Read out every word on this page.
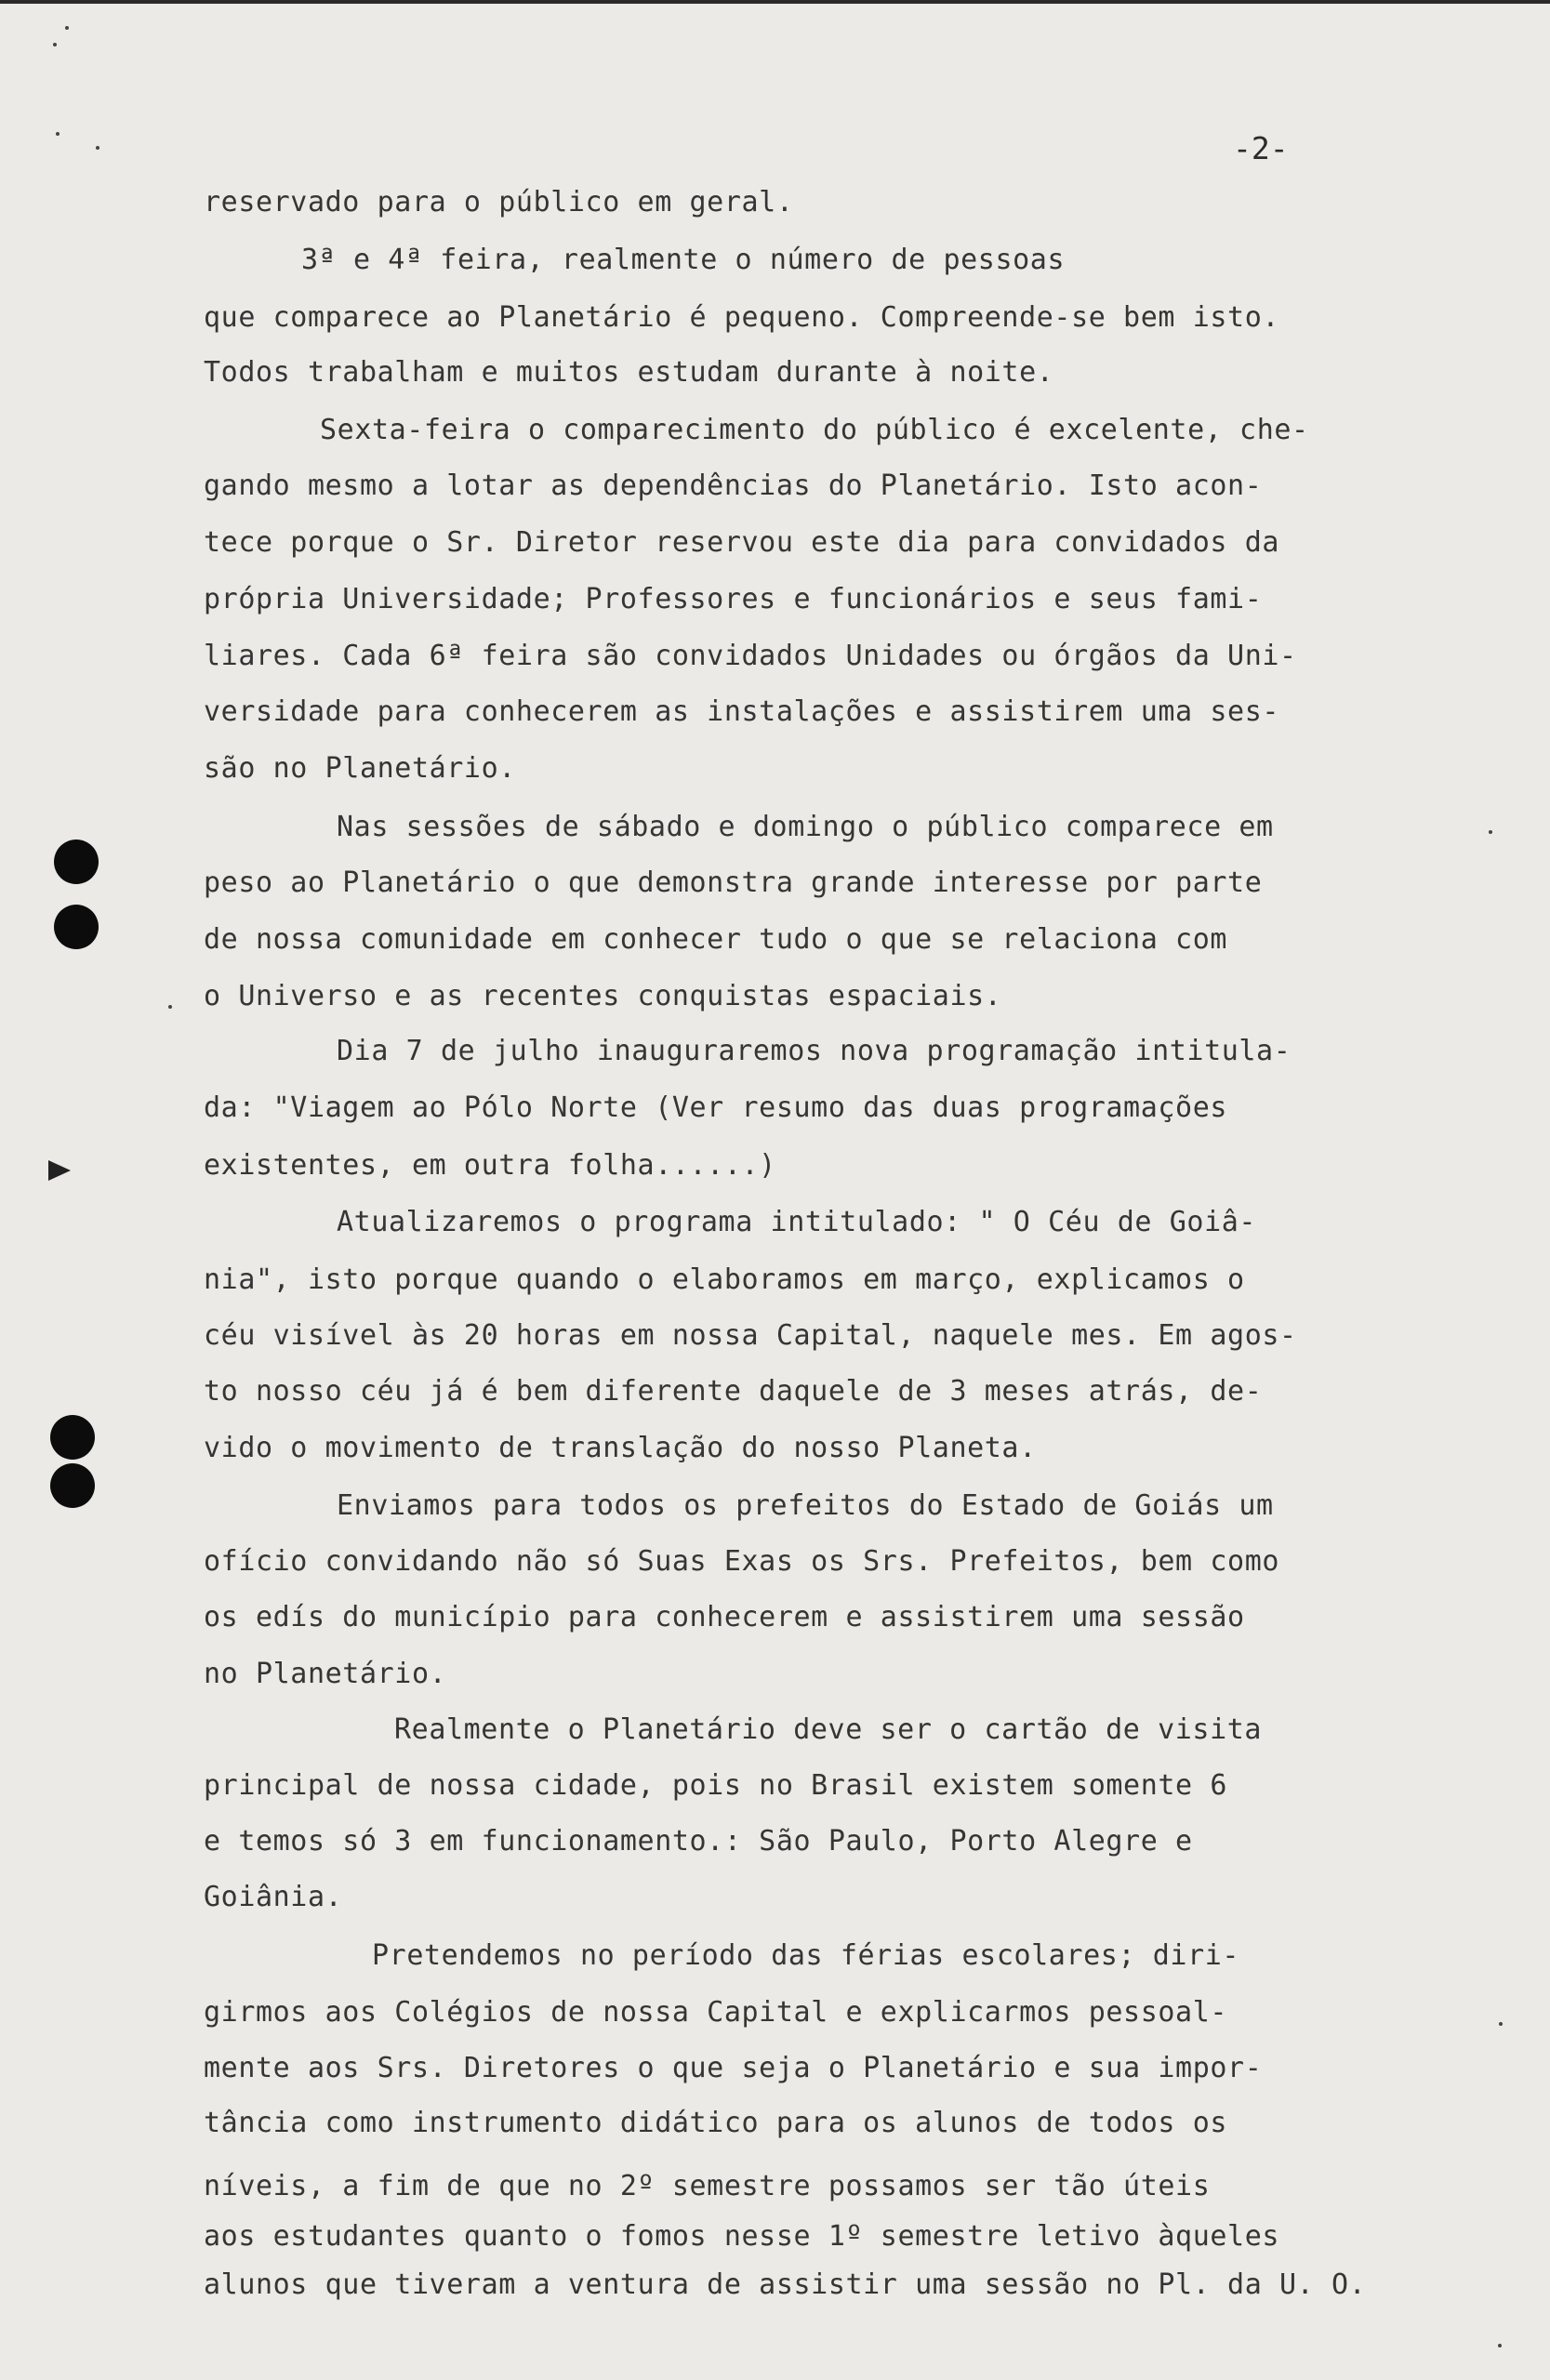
-2-
reservado para o público em geral.
3ª e 4ª feira, realmente o número de pessoas
que comparece ao Planetário é pequeno. Compreende-se bem isto.
Todos trabalham e muitos estudam durante à noite.
Sexta-feira o comparecimento do público é excelente, che-
gando mesmo a lotar as dependências do Planetário. Isto acon-
tece porque o Sr. Diretor reservou este dia para convidados da
própria Universidade; Professores e funcionários e seus fami-
liares. Cada 6ª feira são convidados Unidades ou órgãos da Uni-
versidade para conhecerem as instalações e assistirem uma ses-
são no Planetário.
Nas sessões de sábado e domingo o público comparece em
peso ao Planetário o que demonstra grande interesse por parte
de nossa comunidade em conhecer tudo o que se relaciona com
o Universo e as recentes conquistas espaciais.
Dia 7 de julho inauguraremos nova programação intitula-
da: "Viagem ao Pólo Norte (Ver resumo das duas programações
existentes, em outra folha......)
Atualizaremos o programa intitulado: " O Céu de Goiâ-
nia", isto porque quando o elaboramos em março, explicamos o
céu visível às 20 horas em nossa Capital, naquele mes. Em agos-
to nosso céu já é bem diferente daquele de 3 meses atrás, de-
vido o movimento de translação do nosso Planeta.
Enviamos para todos os prefeitos do Estado de Goiás um
ofício convidando não só Suas Exas os Srs. Prefeitos, bem como
os edís do município para conhecerem e assistirem uma sessão
no Planetário.
Realmente o Planetário deve ser o cartão de visita
principal de nossa cidade, pois no Brasil existem somente 6
e temos só 3 em funcionamento.: São Paulo, Porto Alegre e
Goiânia.
Pretendemos no período das férias escolares; diri-
girmos aos Colégios de nossa Capital e explicarmos pessoal-
mente aos Srs. Diretores o que seja o Planetário e sua impor-
tância como instrumento didático para os alunos de todos os
níveis, a fim de que no 2º semestre possamos ser tão úteis
aos estudantes quanto o fomos nesse 1º semestre letivo àqueles
alunos que tiveram a ventura de assistir uma sessão no Pl. da U. O.
